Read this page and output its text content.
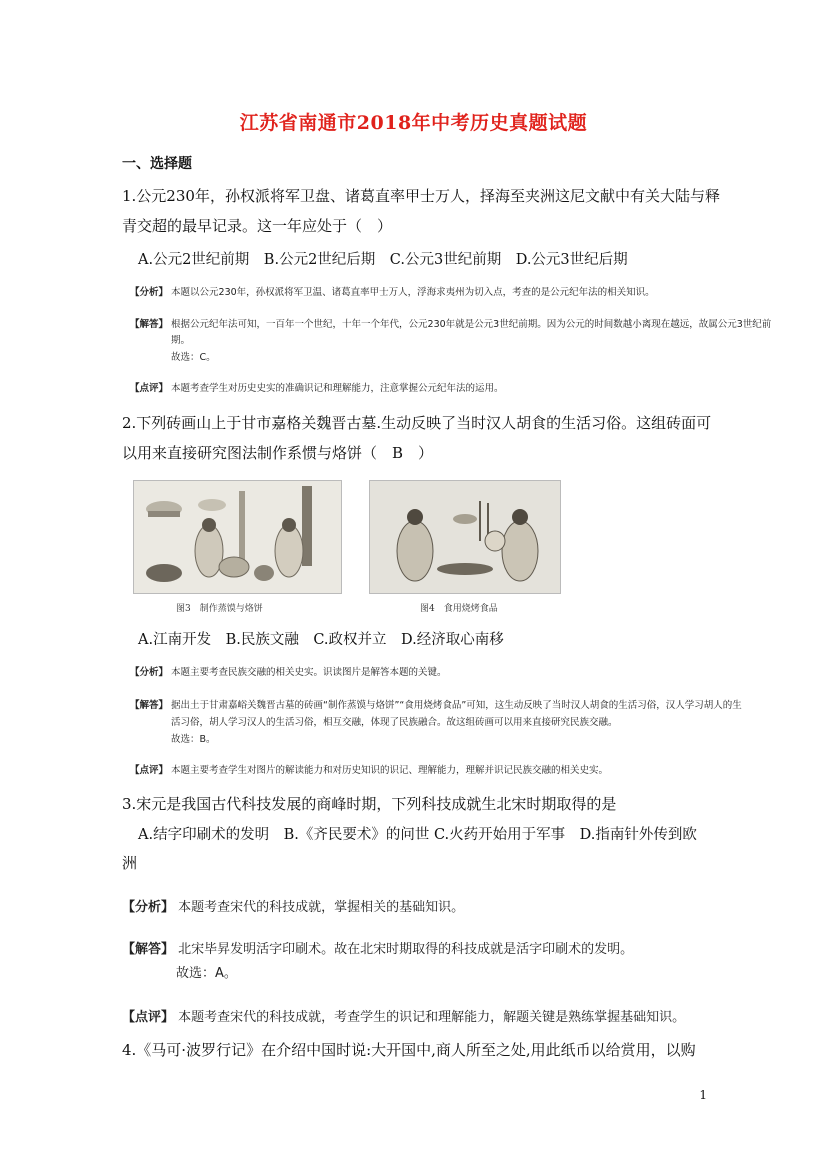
江苏省南通市2018年中考历史真题试题
一、选择题
1.公元230年，孙权派将军卫盘、诸葛直率甲士万人，择海至夹洲这尼文献中有关大陆与释
青交超的最早记录。这一年应处于（　）
A.公元2世纪前期　B.公元2世纪后期　C.公元3世纪前期　D.公元3世纪后期
【分析】 本题以公元230年，孙权派将军卫温、诸葛直率甲士万人，浮海求夷州为切入点，考查的是公元纪年法的相关知识。
【解答】 根据公元纪年法可知，一百年一个世纪，十年一个年代，公元230年就是公元3世纪前期。因为公元的时间数越小离现在越远，故属公元3世纪前
期。
故选：C。
【点评】 本题考查学生对历史史实的准确识记和理解能力，注意掌握公元纪年法的运用。
2.下列砖画山上于甘市嘉格关魏晋古墓.生动反映了当时汉人胡食的生活习俗。这组砖面可
以用来直接研究图法制作系惯与烙饼（　B　）
图3　制作蒸馍与烙饼	图4　食用烧烤食品
A.江南开发　B.民族文融　C.政权并立　D.经济取心南移
【分析】 本题主要考查民族交融的相关史实。识读图片是解答本题的关键。
【解答】 据出土于甘肃嘉峪关魏晋古墓的砖画“制作蒸馍与烙饼”“食用烧烤食品”可知，这生动反映了当时汉人胡食的生活习俗，汉人学习胡人的生
活习俗，胡人学习汉人的生活习俗，相互交融，体现了民族融合。故这组砖画可以用来直接研究民族交融。
故选：B。
【点评】 本题主要考查学生对图片的解读能力和对历史知识的识记、理解能力，理解并识记民族交融的相关史实。
3.宋元是我国古代科技发展的商峰时期，下列科技成就生北宋时期取得的是
A.结字印刷术的发明　B.《齐民要术》的问世 C.火药开始用于军事　D.指南针外传到欧
洲
【分析】 本题考查宋代的科技成就，掌握相关的基础知识。
【解答】 北宋毕昇发明活字印刷术。故在北宋时期取得的科技成就是活字印刷术的发明。
故选：A。
【点评】 本题考查宋代的科技成就，考查学生的识记和理解能力，解题关键是熟练掌握基础知识。
4.《马可·波罗行记》在介绍中国时说:大开国中,商人所至之处,用此纸币以给赏用，以购
1
